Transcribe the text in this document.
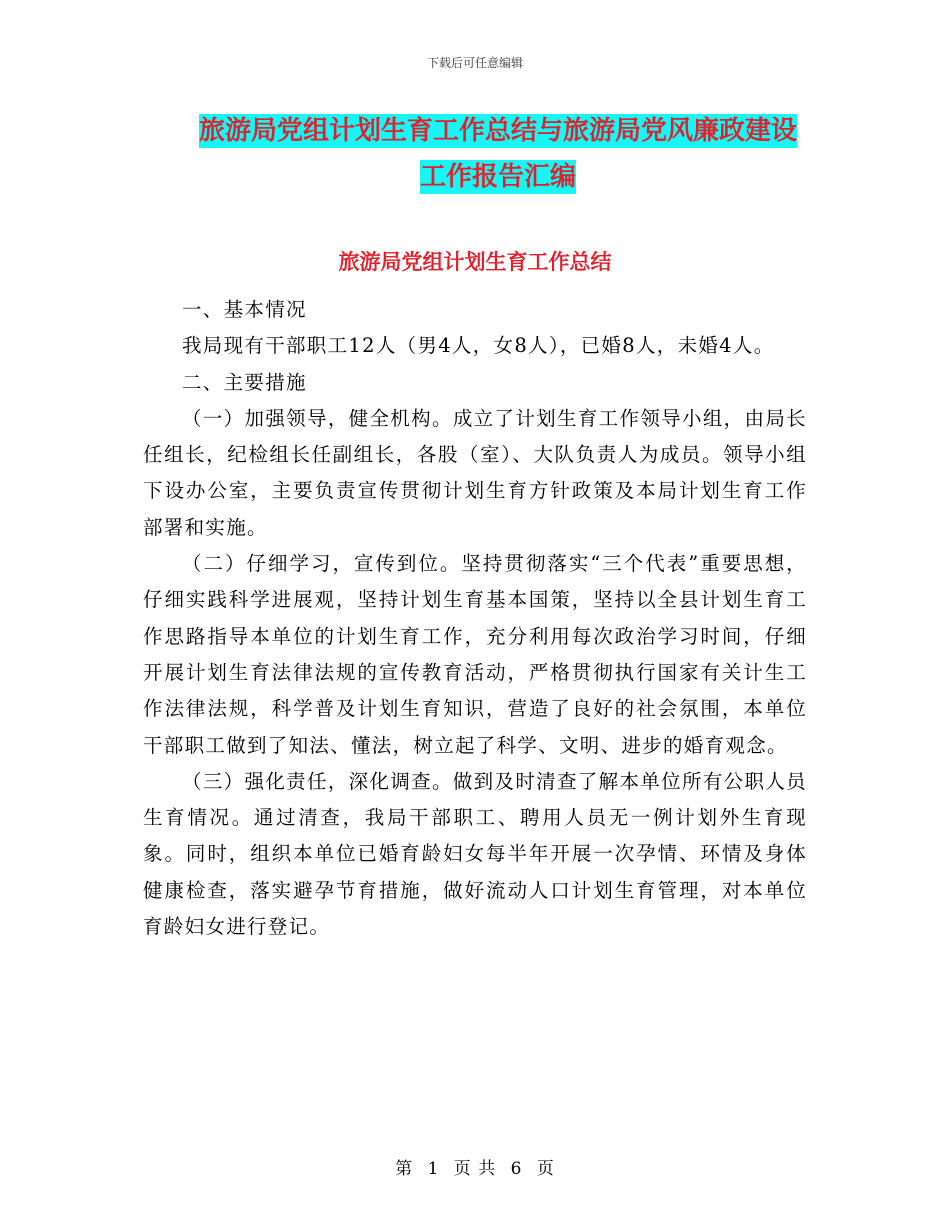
下载后可任意编辑
旅游局党组计划生育工作总结与旅游局党风廉政建设
工作报告汇编
旅游局党组计划生育工作总结

一、基本情况

我局现有干部职工12人（男4人，女8人），已婚8人，未婚4人。

二、主要措施

（一）加强领导，健全机构。成立了计划生育工作领导小组，由局长任组长，纪检组长任副组长，各股（室）、大队负责人为成员。领导小组下设办公室，主要负责宣传贯彻计划生育方针政策及本局计划生育工作部署和实施。

（二）仔细学习，宣传到位。坚持贯彻落实“三个代表”重要思想，仔细实践科学进展观，坚持计划生育基本国策，坚持以全县计划生育工作思路指导本单位的计划生育工作，充分利用每次政治学习时间，仔细开展计划生育法律法规的宣传教育活动，严格贯彻执行国家有关计生工作法律法规，科学普及计划生育知识，营造了良好的社会氛围，本单位干部职工做到了知法、懂法，树立起了科学、文明、进步的婚育观念。

（三）强化责任，深化调查。做到及时清查了解本单位所有公职人员生育情况。通过清查，我局干部职工、聘用人员无一例计划外生育现象。同时，组织本单位已婚育龄妇女每半年开展一次孕情、环情及身体健康检查，落实避孕节育措施，做好流动人口计划生育管理，对本单位育龄妇女进行登记。

第 1 页 共 6 页
